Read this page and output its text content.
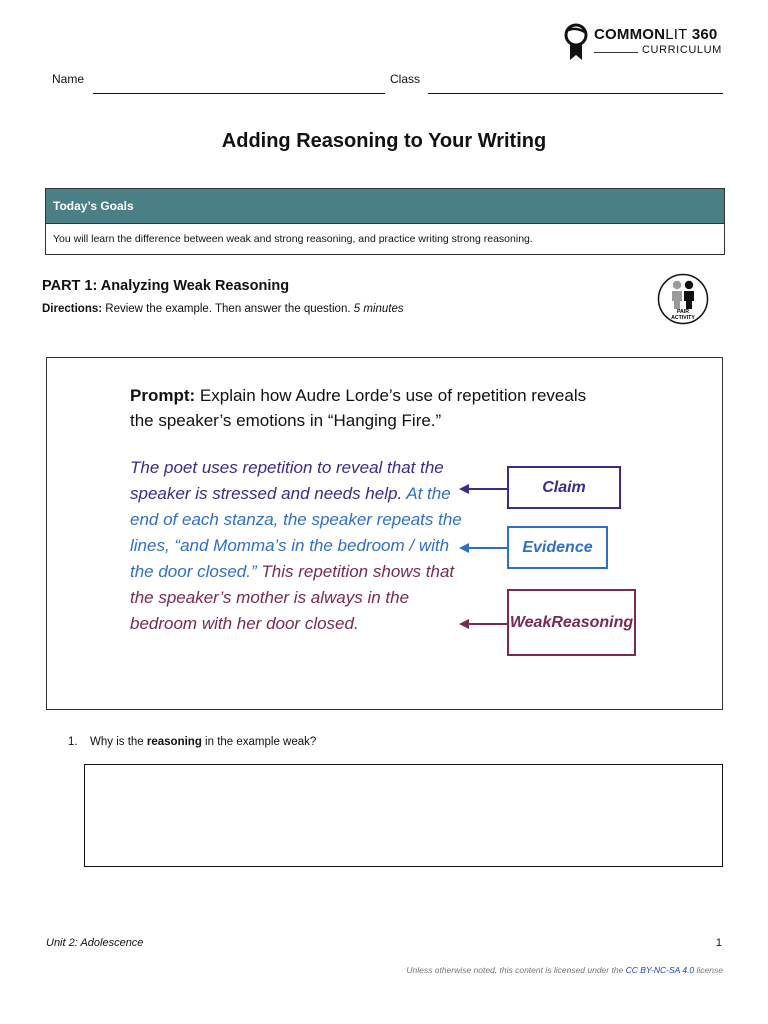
COMMONLIT 360
CURRICULUM
Name	Class
Adding Reasoning to Your Writing
Today’s Goals
You will learn the difference between weak and strong reasoning, and practice writing strong reasoning.
PART 1: Analyzing Weak Reasoning
Directions: Review the example. Then answer the question. 5 minutes	PAIR
ACTIVITY
Prompt: Explain how Audre Lorde’s use of repetition reveals the speaker’s emotions in “Hanging Fire.”
The poet uses repetition to reveal that the speaker is stressed and needs help. At the end of each stanza, the speaker repeats the lines, “and Momma’s in the bedroom / with the door closed.” This repetition shows that the speaker’s mother is always in the bedroom with her door closed.
Claim
Evidence
Weak Reasoning
1. Why is the reasoning in the example weak?
Unit 2: Adolescence	1
Unless otherwise noted, this content is licensed under the CC BY-NC-SA 4.0 license
